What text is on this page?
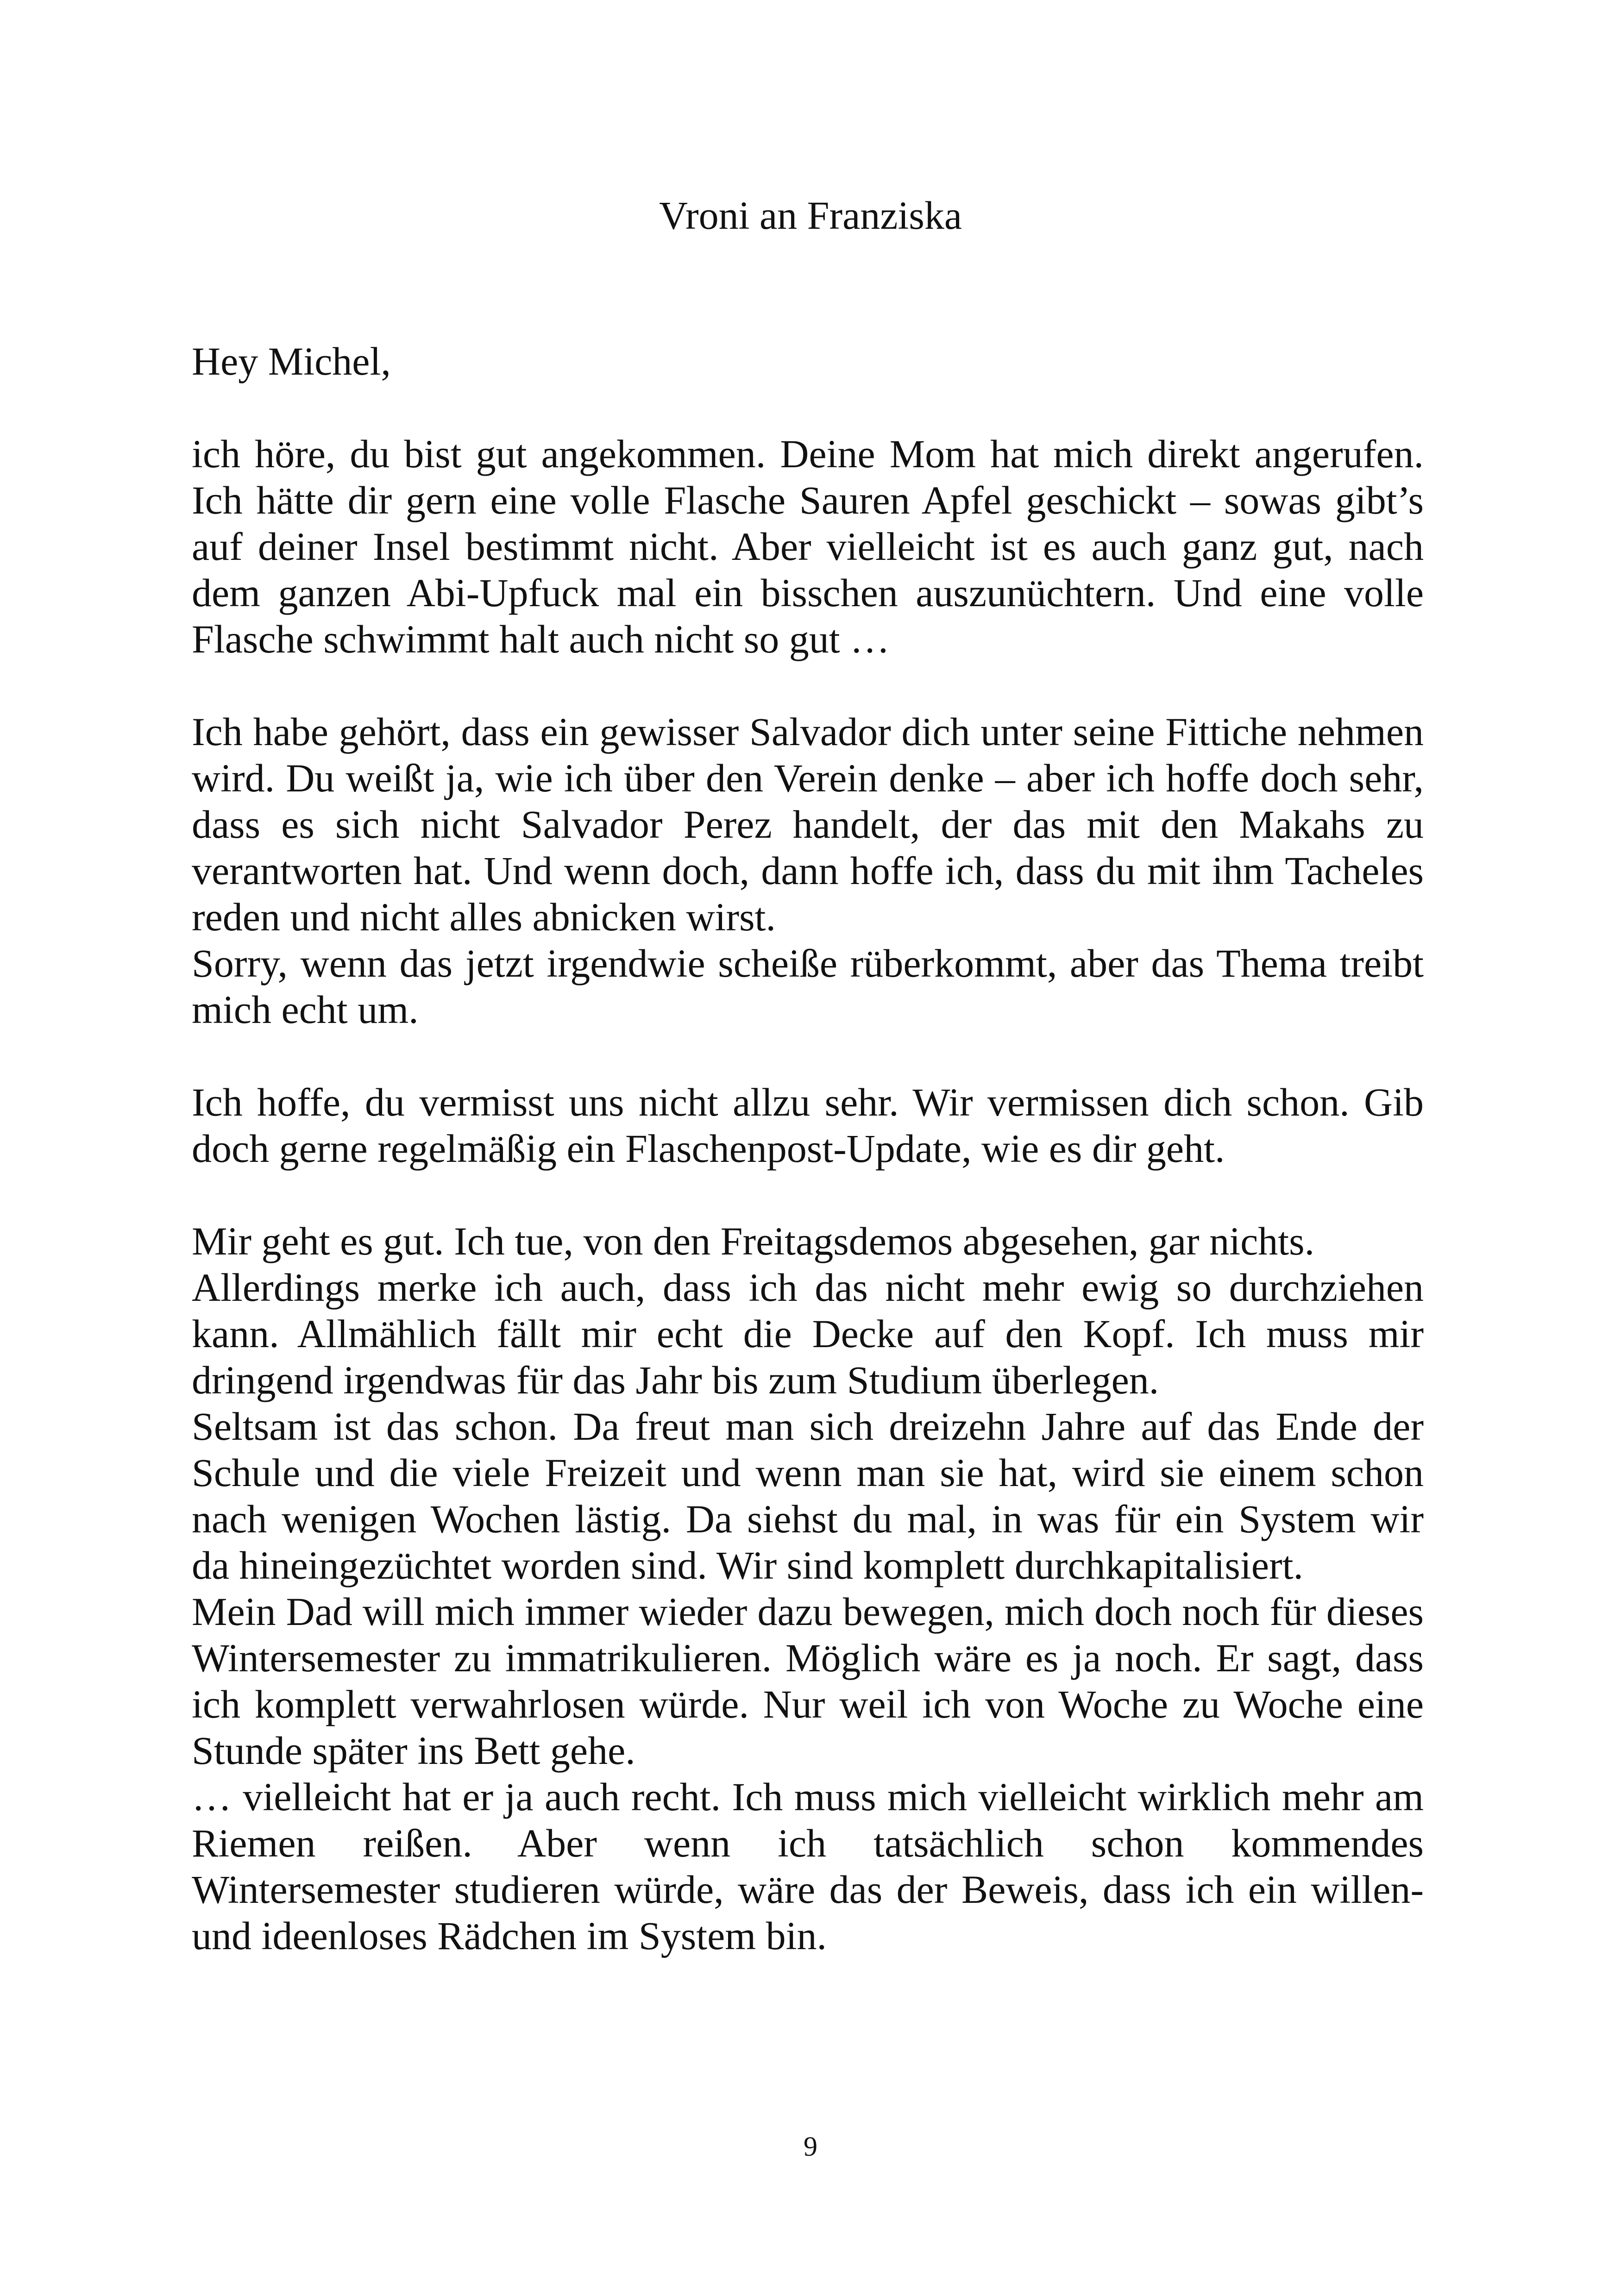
Vroni an Franziska

Hey Michel,

ich höre, du bist gut angekommen. Deine Mom hat mich direkt angerufen.
Ich hätte dir gern eine volle Flasche Sauren Apfel geschickt – sowas gibt’s
auf deiner Insel bestimmt nicht. Aber vielleicht ist es auch ganz gut, nach
dem ganzen Abi-Upfuck mal ein bisschen auszunüchtern. Und eine volle
Flasche schwimmt halt auch nicht so gut …

Ich habe gehört, dass ein gewisser Salvador dich unter seine Fittiche nehmen
wird. Du weißt ja, wie ich über den Verein denke – aber ich hoffe doch sehr,
dass es sich nicht Salvador Perez handelt, der das mit den Makahs zu
verantworten hat. Und wenn doch, dann hoffe ich, dass du mit ihm Tacheles
reden und nicht alles abnicken wirst.

Sorry, wenn das jetzt irgendwie scheiße rüberkommt, aber das Thema treibt
mich echt um.

Ich hoffe, du vermisst uns nicht allzu sehr. Wir vermissen dich schon. Gib
doch gerne regelmäßig ein Flaschenpost-Update, wie es dir geht.

Mir geht es gut. Ich tue, von den Freitagsdemos abgesehen, gar nichts.

Allerdings merke ich auch, dass ich das nicht mehr ewig so durchziehen
kann. Allmählich fällt mir echt die Decke auf den Kopf. Ich muss mir
dringend irgendwas für das Jahr bis zum Studium überlegen.

Seltsam ist das schon. Da freut man sich dreizehn Jahre auf das Ende der
Schule und die viele Freizeit und wenn man sie hat, wird sie einem schon
nach wenigen Wochen lästig. Da siehst du mal, in was für ein System wir
da hineingezüchtet worden sind. Wir sind komplett durchkapitalisiert.

Mein Dad will mich immer wieder dazu bewegen, mich doch noch für dieses
Wintersemester zu immatrikulieren. Möglich wäre es ja noch. Er sagt, dass
ich komplett verwahrlosen würde. Nur weil ich von Woche zu Woche eine
Stunde später ins Bett gehe.

… vielleicht hat er ja auch recht. Ich muss mich vielleicht wirklich mehr am
Riemen reißen. Aber wenn ich tatsächlich schon kommendes
Wintersemester studieren würde, wäre das der Beweis, dass ich ein willen-
und ideenloses Rädchen im System bin.

9
